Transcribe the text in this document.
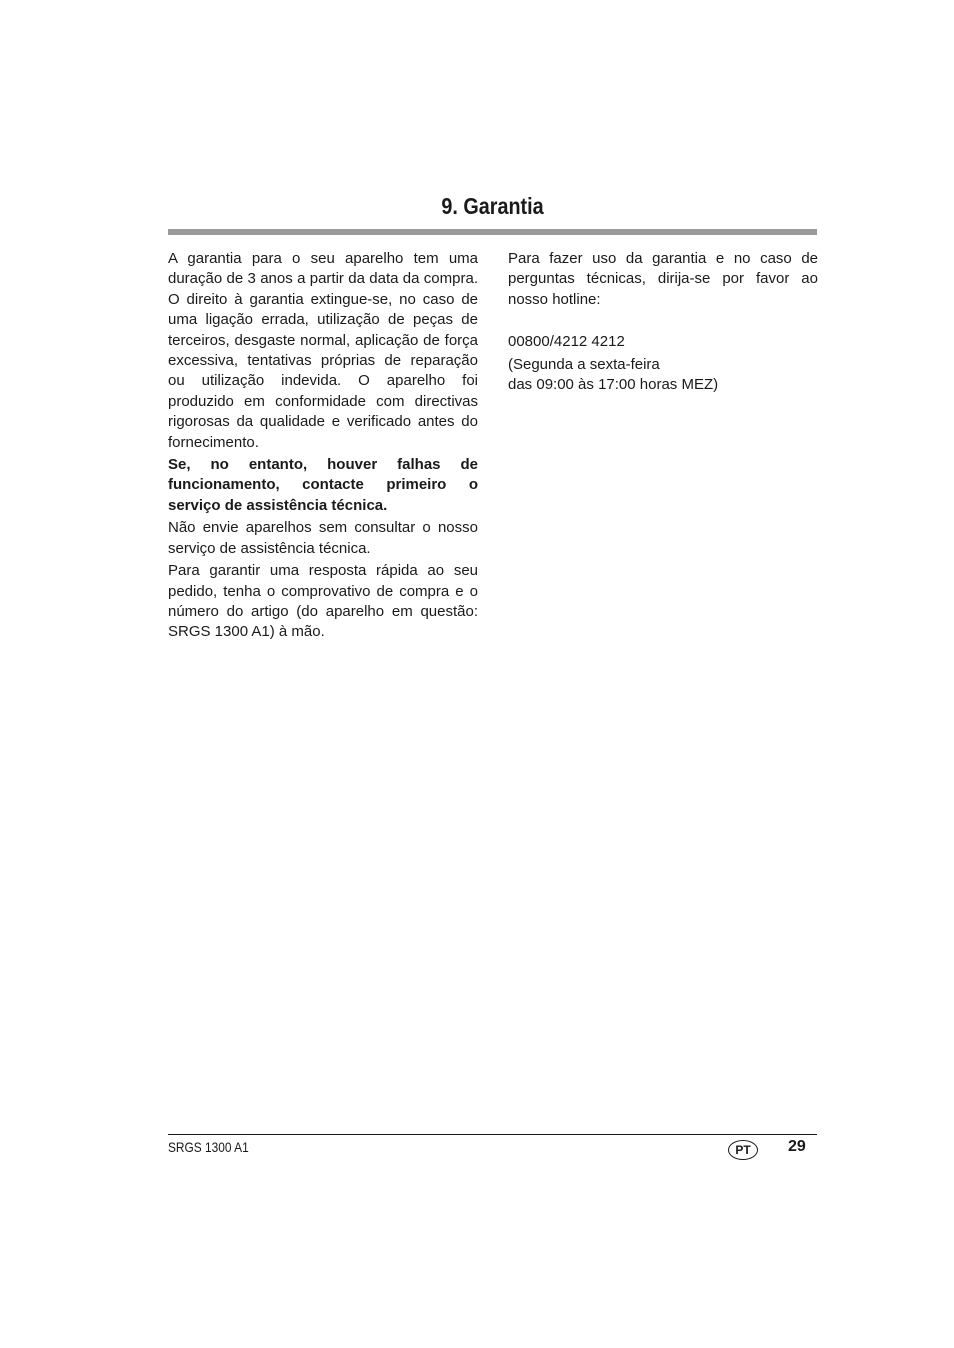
9. Garantia

A garantia para o seu aparelho tem uma duração de 3 anos a partir da data da compra. O direito à garantia extingue-se, no caso de uma ligação errada, utilização de peças de terceiros, desgaste normal, aplicação de força excessiva, tentativas próprias de reparação ou utilização indevida. O aparelho foi produzido em conformidade com directivas rigorosas da qualidade e verificado antes do fornecimento.

Se, no entanto, houver falhas de funcionamento, contacte primeiro o serviço de assistência técnica.

Não envie aparelhos sem consultar o nosso serviço de assistência técnica.

Para garantir uma resposta rápida ao seu pedido, tenha o comprovativo de compra e o número do artigo (do aparelho em questão: SRGS 1300 A1) à mão.

Para fazer uso da garantia e no caso de perguntas técnicas, dirija-se por favor ao nosso hotline:

00800/4212 4212

(Segunda a sexta-feira

das 09:00 às 17:00 horas MEZ)

SRGS 1300 A1	PT	29
